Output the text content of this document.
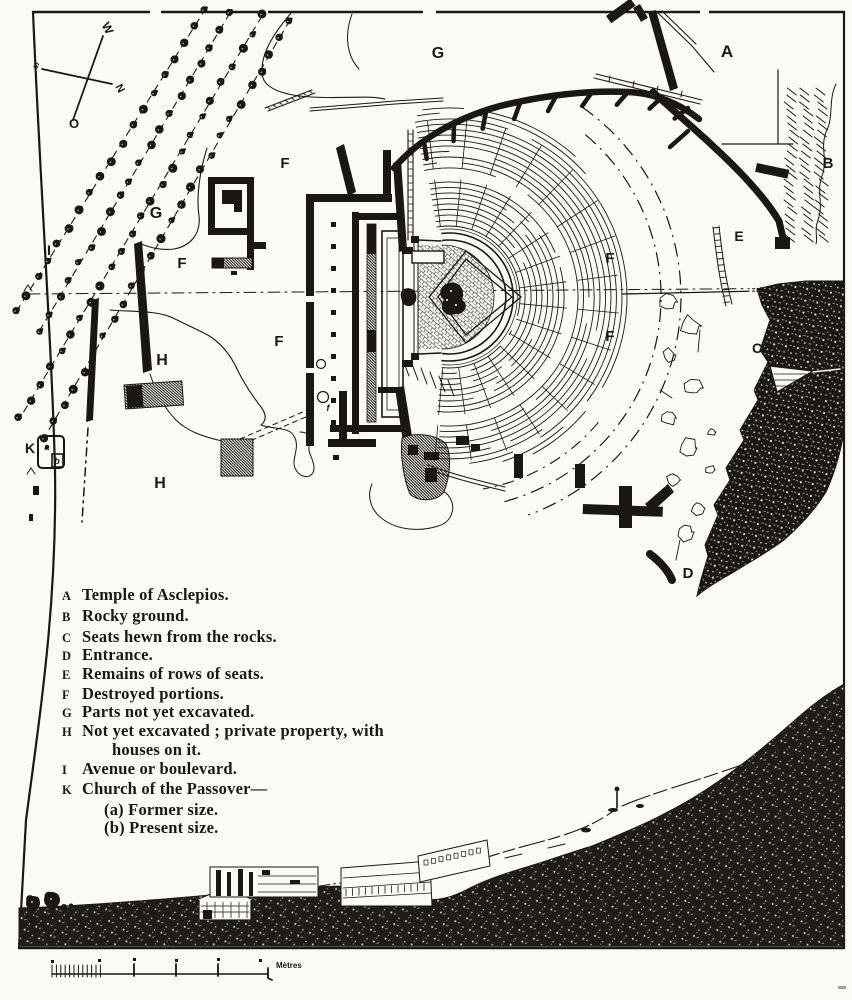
W
N
O
S
Mètres
A
G
B
E
F
G
F
I
F
F
F
C
B
H
K
H
D
a
b
f
A Temple of Asclepios.
B Rocky ground.
C Seats hewn from the rocks.
D Entrance.
E Remains of rows of seats.
F Destroyed portions.
G Parts not yet excavated.
H Not yet excavated ; private property, with
houses on it.
I Avenue or boulevard.
K Church of the Passover—
(a) Former size.
(b) Present size.
